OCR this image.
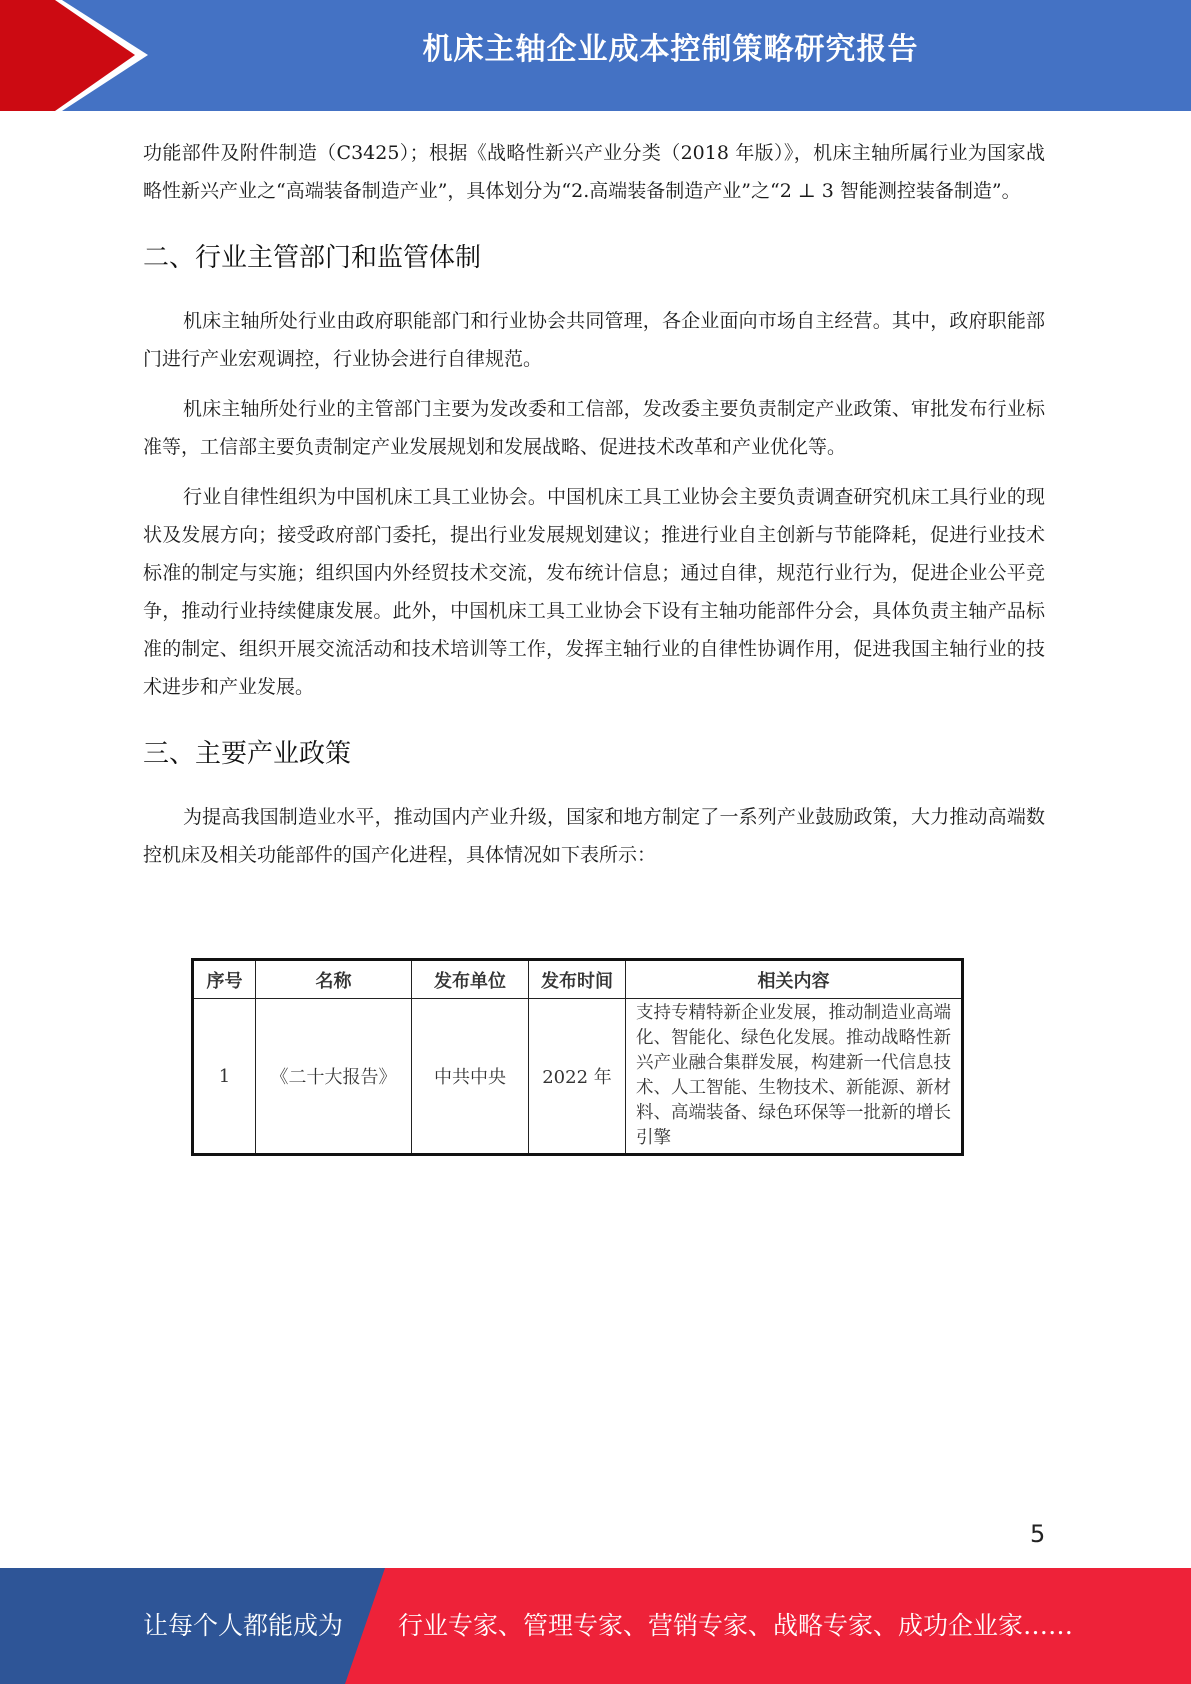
机床主轴企业成本控制策略研究报告

功能部件及附件制造（C3425）；根据《战略性新兴产业分类（2018 年版）》，机床主轴所属行业为国家战略性新兴产业之“高端装备制造产业”，具体划分为“2.高端装备制造产业”之“2 ⊥ 3 智能测控装备制造”。

二、行业主管部门和监管体制

机床主轴所处行业由政府职能部门和行业协会共同管理，各企业面向市场自主经营。其中，政府职能部门进行产业宏观调控，行业协会进行自律规范。

机床主轴所处行业的主管部门主要为发改委和工信部，发改委主要负责制定产业政策、审批发布行业标准等，工信部主要负责制定产业发展规划和发展战略、促进技术改革和产业优化等。

行业自律性组织为中国机床工具工业协会。中国机床工具工业协会主要负责调查研究机床工具行业的现状及发展方向；接受政府部门委托，提出行业发展规划建议；推进行业自主创新与节能降耗，促进行业技术标准的制定与实施；组织国内外经贸技术交流，发布统计信息；通过自律，规范行业行为，促进企业公平竞争，推动行业持续健康发展。此外，中国机床工具工业协会下设有主轴功能部件分会，具体负责主轴产品标准的制定、组织开展交流活动和技术培训等工作，发挥主轴行业的自律性协调作用，促进我国主轴行业的技术进步和产业发展。

三、主要产业政策

为提高我国制造业水平，推动国内产业升级，国家和地方制定了一系列产业鼓励政策，大力推动高端数控机床及相关功能部件的国产化进程，具体情况如下表所示：

序号	名称	发布单位	发布时间	相关内容
1	《二十大报告》	中共中央	2022 年	支持专精特新企业发展，推动制造业高端化、智能化、绿色化发展。推动战略性新兴产业融合集群发展，构建新一代信息技术、人工智能、生物技术、新能源、新材料、高端装备、绿色环保等一批新的增长引擎
5
让每个人都能成为 行业专家、管理专家、营销专家、战略专家、成功企业家……
